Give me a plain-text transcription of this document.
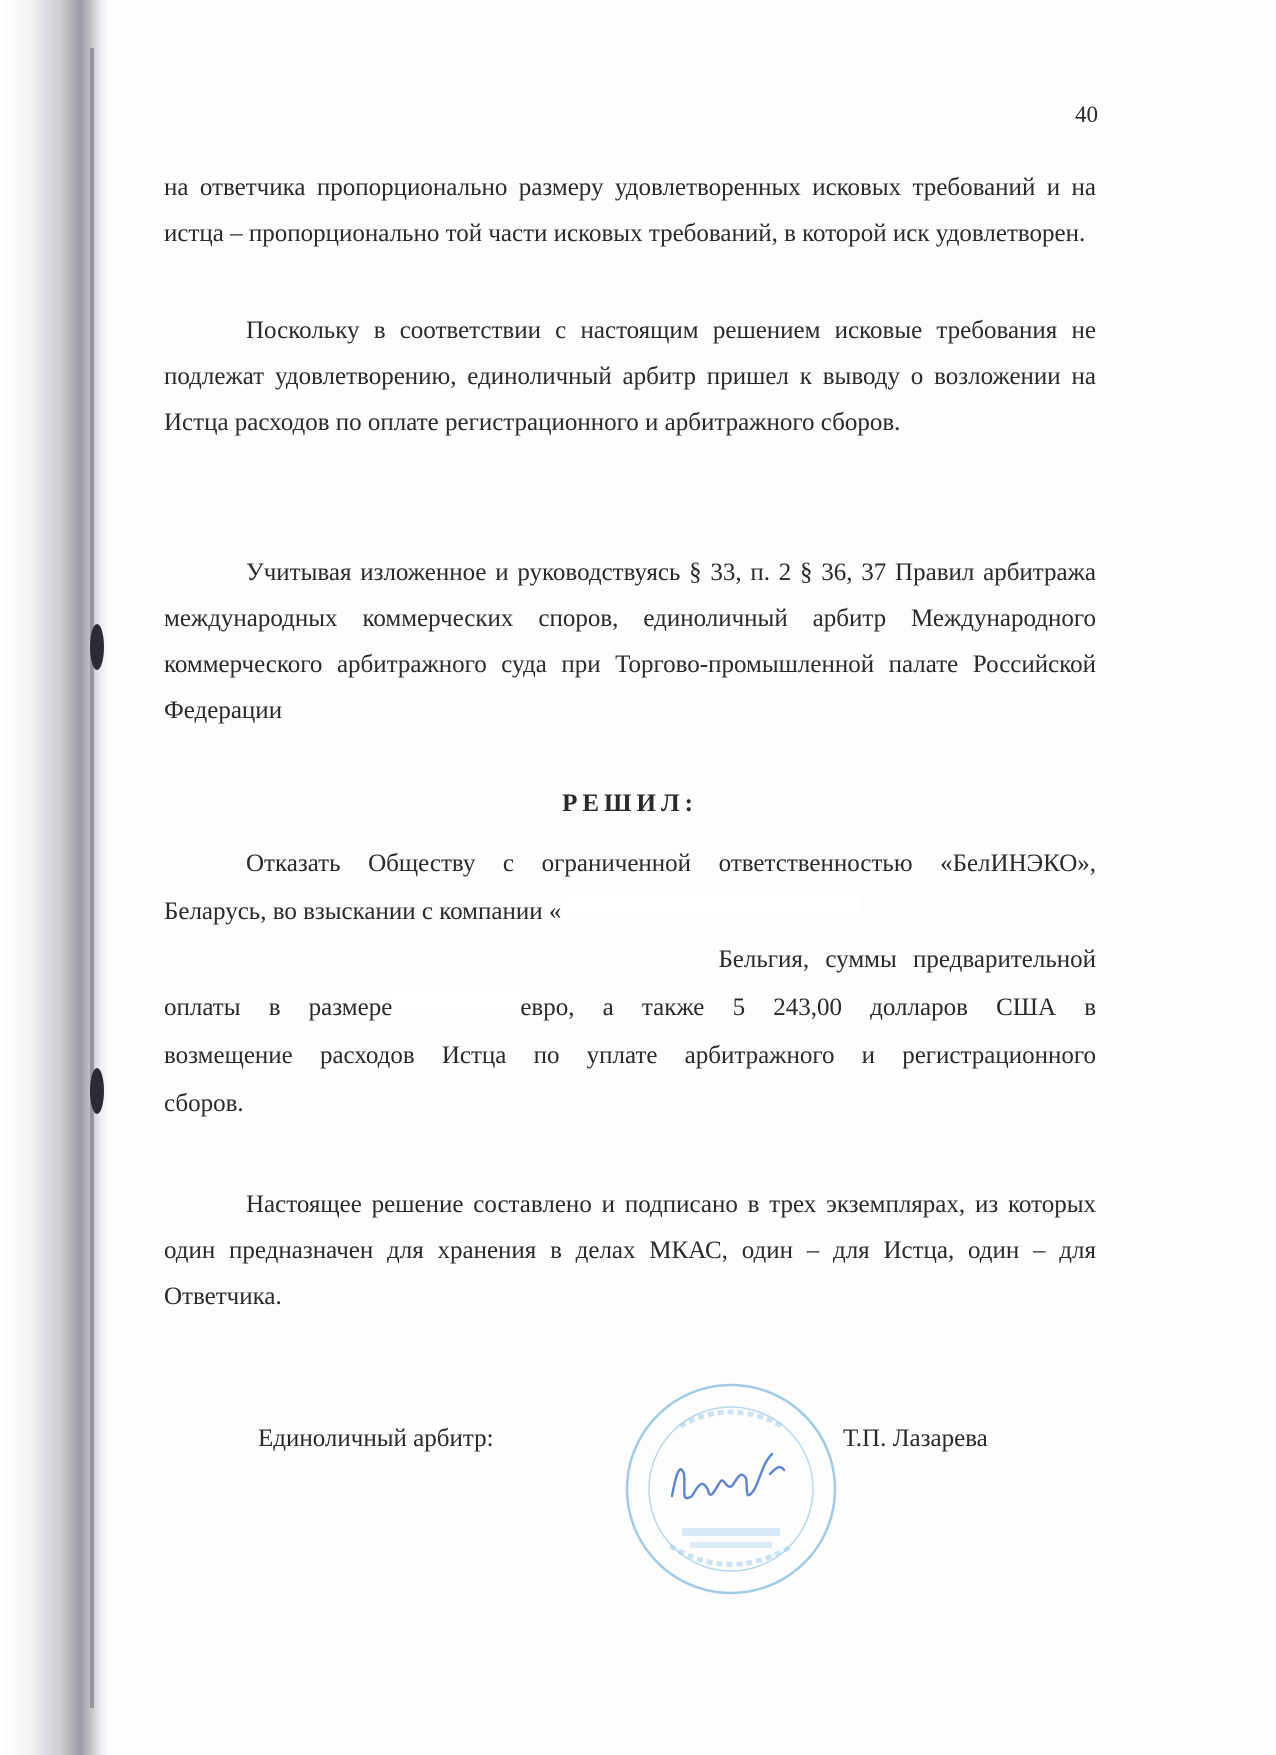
40

на ответчика пропорционально размеру удовлетворенных исковых требований и на истца – пропорционально той части исковых требований, в которой иск удовлетворен.

Поскольку в соответствии с настоящим решением исковые требования не подлежат удовлетворению, единоличный арбитр пришел к выводу о возложении на Истца расходов по оплате регистрационного и арбитражного сборов.

Учитывая изложенное и руководствуясь § 33, п. 2 § 36, 37 Правил арбитража международных коммерческих споров, единоличный арбитр Международного коммерческого арбитражного суда при Торгово-промышленной палате Российской Федерации

РЕШИЛ:
Отказать Обществу с ограниченной ответственностью «БелИНЭКО»,
Беларусь, во взыскании с компании «
Бельгия, суммы предварительной
оплаты в размере	евро, а также 5 243,00 долларов США в
возмещение расходов Истца по уплате арбитражного и регистрационного
сборов.

Настоящее решение составлено и подписано в трех экземплярах, из которых один предназначен для хранения в делах МКАС, один – для Истца, один – для Ответчика.

Единоличный арбитр:	Т.П. Лазарева
